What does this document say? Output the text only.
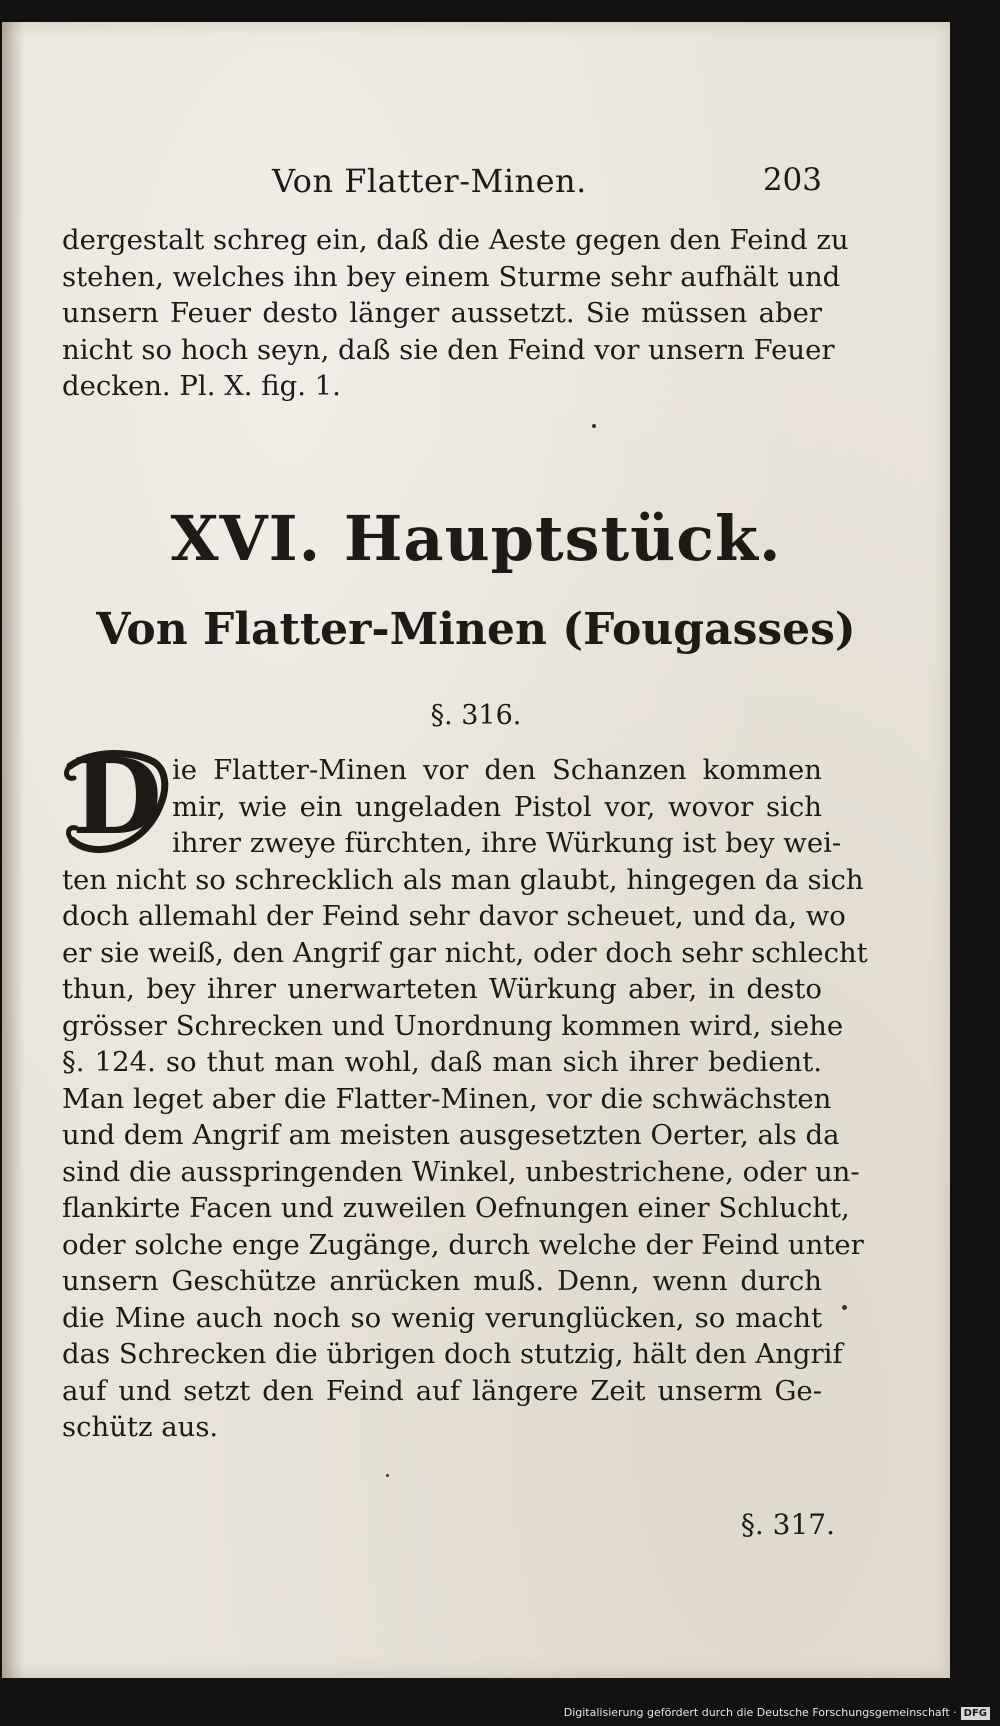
Von Flatter-Minen.	203
dergestalt schreg ein, daß die Aeste gegen den Feind zu
stehen, welches ihn bey einem Sturme sehr aufhält und
unsern Feuer desto länger aussetzt. Sie müssen aber
nicht so hoch seyn, daß sie den Feind vor unsern Feuer
decken. Pl. X. fig. 1.
XVI. Hauptstück.
Von Flatter-Minen (Fougasses)
§. 316.
D ie Flatter-Minen vor den Schanzen kommen
mir, wie ein ungeladen Pistol vor, wovor sich
ihrer zweye fürchten, ihre Würkung ist bey wei-
ten nicht so schrecklich als man glaubt, hingegen da sich
doch allemahl der Feind sehr davor scheuet, und da, wo
er sie weiß, den Angrif gar nicht, oder doch sehr schlecht
thun, bey ihrer unerwarteten Würkung aber, in desto
grösser Schrecken und Unordnung kommen wird, siehe
§. 124. so thut man wohl, daß man sich ihrer bedient.
Man leget aber die Flatter-Minen, vor die schwächsten
und dem Angrif am meisten ausgesetzten Oerter, als da
sind die ausspringenden Winkel, unbestrichene, oder un-
flankirte Facen und zuweilen Oefnungen einer Schlucht,
oder solche enge Zugänge, durch welche der Feind unter
unsern Geschütze anrücken muß. Denn, wenn durch
die Mine auch noch so wenig verunglücken, so macht
das Schrecken die übrigen doch stutzig, hält den Angrif
auf und setzt den Feind auf längere Zeit unserm Ge-
schütz aus.
§. 317.
Digitalisierung gefördert durch die Deutsche Forschungsgemeinschaft · DFG
